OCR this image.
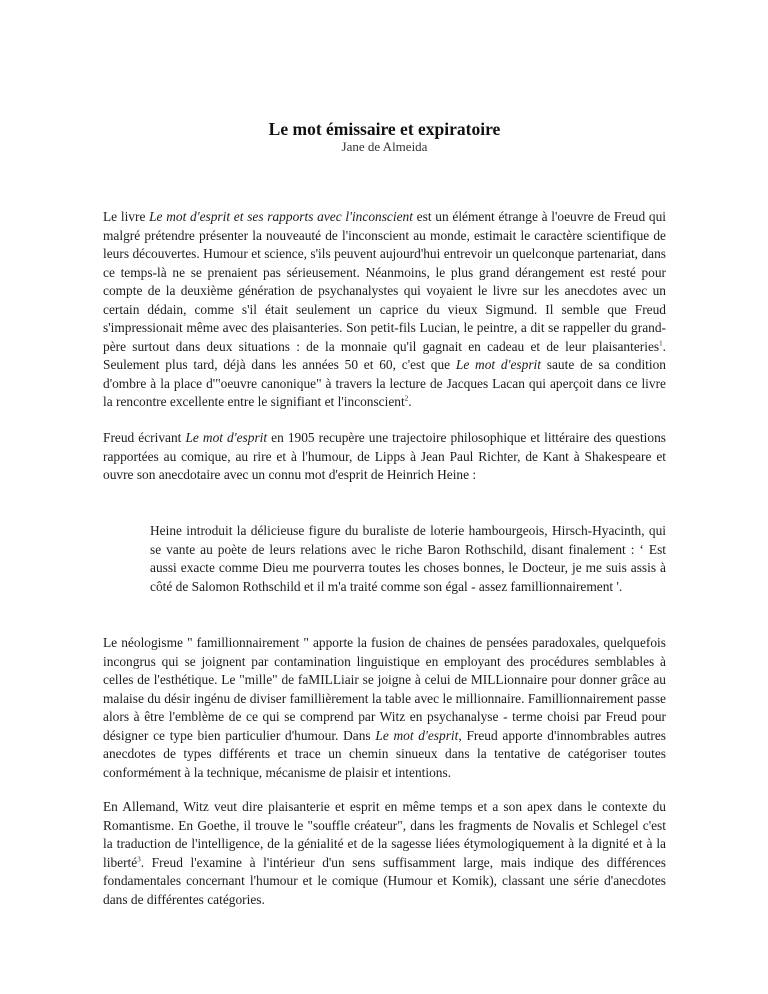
Le mot émissaire et expiratoire
Jane de Almeida

Le livre Le mot d'esprit et ses rapports avec l'inconscient est un élément étrange à l'oeuvre de Freud qui malgré prétendre présenter la nouveauté de l'inconscient au monde, estimait le caractère scientifique de leurs découvertes. Humour et science, s'ils peuvent aujourd'hui entrevoir un quelconque partenariat, dans ce temps-là ne se prenaient pas sérieusement. Néanmoins, le plus grand dérangement est resté pour compte de la deuxième génération de psychanalystes qui voyaient le livre sur les anecdotes avec un certain dédain, comme s'il était seulement un caprice du vieux Sigmund. Il semble que Freud s'impressionait même avec des plaisanteries. Son petit-fils Lucian, le peintre, a dit se rappeller du grand-père surtout dans deux situations : de la monnaie qu'il gagnait en cadeau et de leur plaisanteries$^1$. Seulement plus tard, déjà dans les années 50 et 60, c'est que Le mot d'esprit saute de sa condition d'ombre à la place d'"oeuvre canonique" à travers la lecture de Jacques Lacan qui aperçoit dans ce livre la rencontre excellente entre le signifiant et l'inconscient$^2$.

Freud écrivant Le mot d'esprit en 1905 recupère une trajectoire philosophique et littéraire des questions rapportées au comique, au rire et à l'humour, de Lipps à Jean Paul Richter, de Kant à Shakespeare et ouvre son anecdotaire avec un connu mot d'esprit de Heinrich Heine :

Heine introduit la délicieuse figure du buraliste de loterie hambourgeois, Hirsch-Hyacinth, qui se vante au poète de leurs relations avec le riche Baron Rothschild, disant finalement : ‘ Est aussi exacte comme Dieu me pourverra toutes les choses bonnes, le Docteur, je me suis assis à côté de Salomon Rothschild et il m'a traité comme son égal - assez famillionnairement '.

Le néologisme " famillionnairement " apporte la fusion de chaines de pensées paradoxales, quelquefois incongrus qui se joignent par contamination linguistique en employant des procédures semblables à celles de l'esthétique. Le "mille" de faMILLiair se joigne à celui de MILLionnaire pour donner grâce au malaise du désir ingénu de diviser famillièrement la table avec le millionnaire. Famillionnairement passe alors à être l'emblème de ce qui se comprend par Witz en psychanalyse - terme choisi par Freud pour désigner ce type bien particulier d'humour. Dans Le mot d'esprit, Freud apporte d'innombrables autres anecdotes de types différents et trace un chemin sinueux dans la tentative de catégoriser toutes conformément à la technique, mécanisme de plaisir et intentions.

En Allemand, Witz veut dire plaisanterie et esprit en même temps et a son apex dans le contexte du Romantisme. En Goethe, il trouve le "souffle créateur", dans les fragments de Novalis et Schlegel c'est la traduction de l'intelligence, de la génialité et de la sagesse liées étymologiquement à la dignité et à la liberté$^3$. Freud l'examine à l'intérieur d'un sens suffisamment large, mais indique des différences fondamentales concernant l'humour et le comique (Humour et Komik), classant une série d'anecdotes dans de différentes catégories.
